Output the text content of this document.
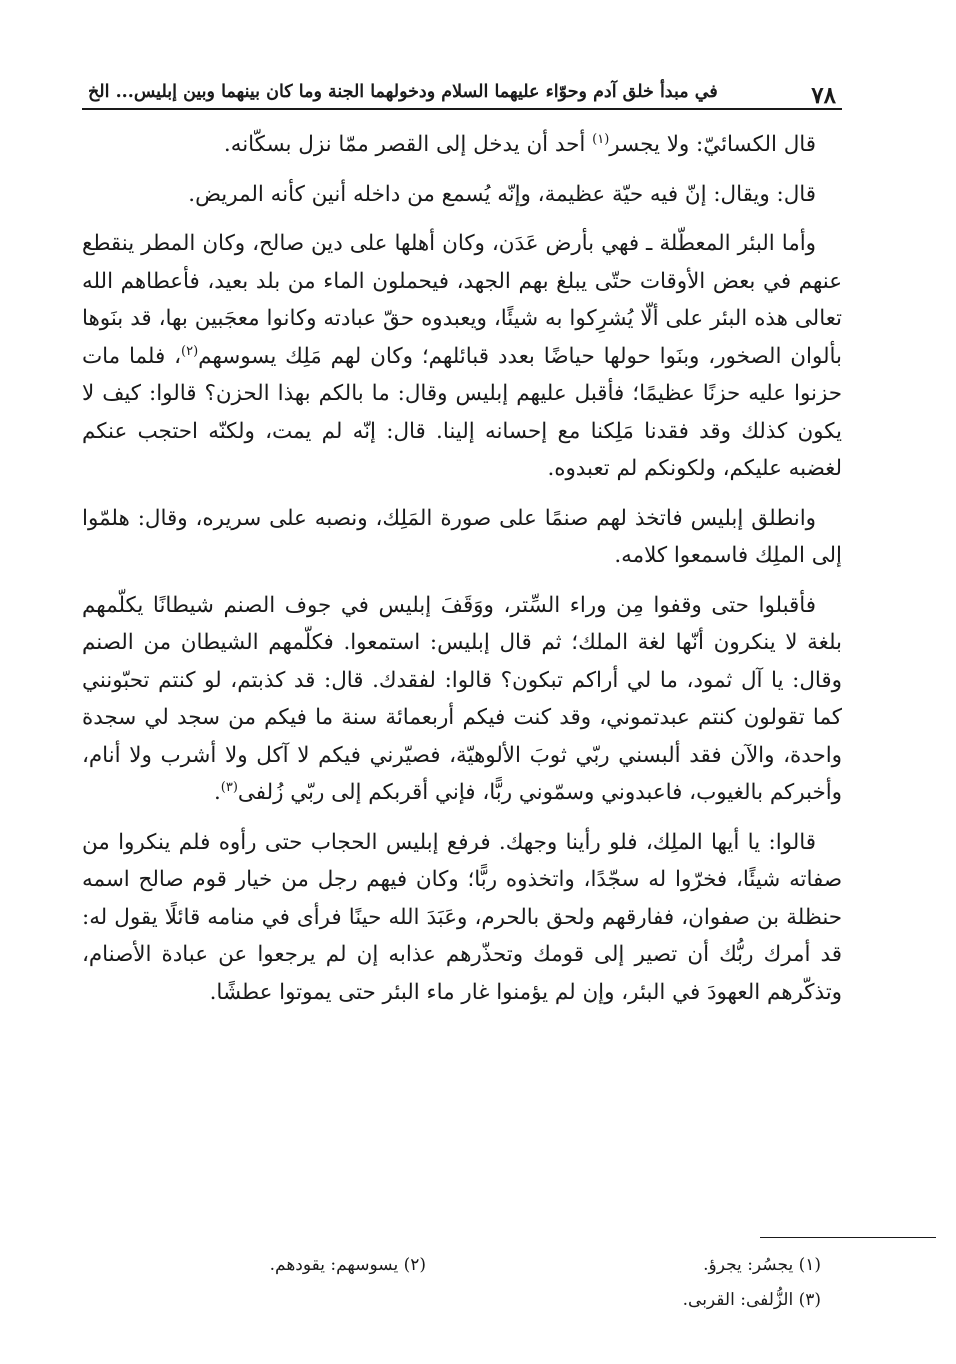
٧٨
في مبدأ خلق آدم وحوّاء عليهما السلام ودخولهما الجنة وما كان بينهما وبين إبليس... الخ

قال الكسائيّ: ولا يجسر$^{(١)}$ أحد أن يدخل إلى القصر ممّا نزل بسكّانه.

قال: ويقال: إنّ فيه حيّة عظيمة، وإنّه يُسمع من داخله أنين كأنه المريض.

وأما البئر المعطّلة ـ فهي بأرض عَدَن، وكان أهلها على دين صالح، وكان المطر ينقطع عنهم في بعض الأوقات حتّى يبلغ بهم الجهد، فيحملون الماء من بلد بعيد، فأعطاهم الله تعالى هذه البئر على ألّا يُشرِكوا به شيئًا، ويعبدوه حقّ عبادته وكانوا معجَبين بها، قد بنَوها بألوان الصخور، وبنَوا حولها حياضًا بعدد قبائلهم؛ وكان لهم مَلِك يسوسهم$^{(٢)}$، فلما مات حزنوا عليه حزنًا عظيمًا؛ فأقبل عليهم إبليس وقال: ما بالكم بهذا الحزن؟ قالوا: كيف لا يكون كذلك وقد فقدنا مَلِكنا مع إحسانه إلينا. قال: إنّه لم يمت، ولكنّه احتجب عنكم لغضبه عليكم، ولكونكم لم تعبدوه.

وانطلق إبليس فاتخذ لهم صنمًا على صورة المَلِك، ونصبه على سريره، وقال: هلمّوا إلى الملِك فاسمعوا كلامه.

فأقبلوا حتى وقفوا مِن وراء السِّتر، ووَقَفَ إبليس في جوف الصنم شيطانًا يكلّمهم بلغة لا ينكرون أنّها لغة الملك؛ ثم قال إبليس: استمعوا. فكلّمهم الشيطان من الصنم وقال: يا آل ثمود، ما لي أراكم تبكون؟ قالوا: لفقدك. قال: قد كذبتم، لو كنتم تحبّونني كما تقولون كنتم عبدتموني، وقد كنت فيكم أربعمائة سنة ما فيكم من سجد لي سجدة واحدة، والآن فقد ألبسني ربّي ثوبَ الألوهيّة، فصيّرني فيكم لا آكل ولا أشرب ولا أنام، وأخبركم بالغيوب، فاعبدوني وسمّوني ربًّا، فإني أقربكم إلى ربّي زُلفى$^{(٣)}$.

قالوا: يا أيها الملِك، فلو رأينا وجهك. فرفع إبليس الحجاب حتى رأوه فلم ينكروا من صفاته شيئًا، فخرّوا له سجّدًا، واتخذوه ربًّا؛ وكان فيهم رجل من خيار قوم صالح اسمه حنظلة بن صفوان، ففارقهم ولحق بالحرم، وعَبَدَ الله حينًا فرأى في منامه قائلًا يقول له: قد أمرك ربُّك أن تصير إلى قومك وتحذّرهم عذابه إن لم يرجعوا عن عبادة الأصنام، وتذكّرهم العهودَ في البئر، وإن لم يؤمنوا غار ماء البئر حتى يموتوا عطشًا.

(١) يجسُر: يجرؤ.
(٢) يسوسهم: يقودهم.
(٣) الزُّلفى: القربى.
